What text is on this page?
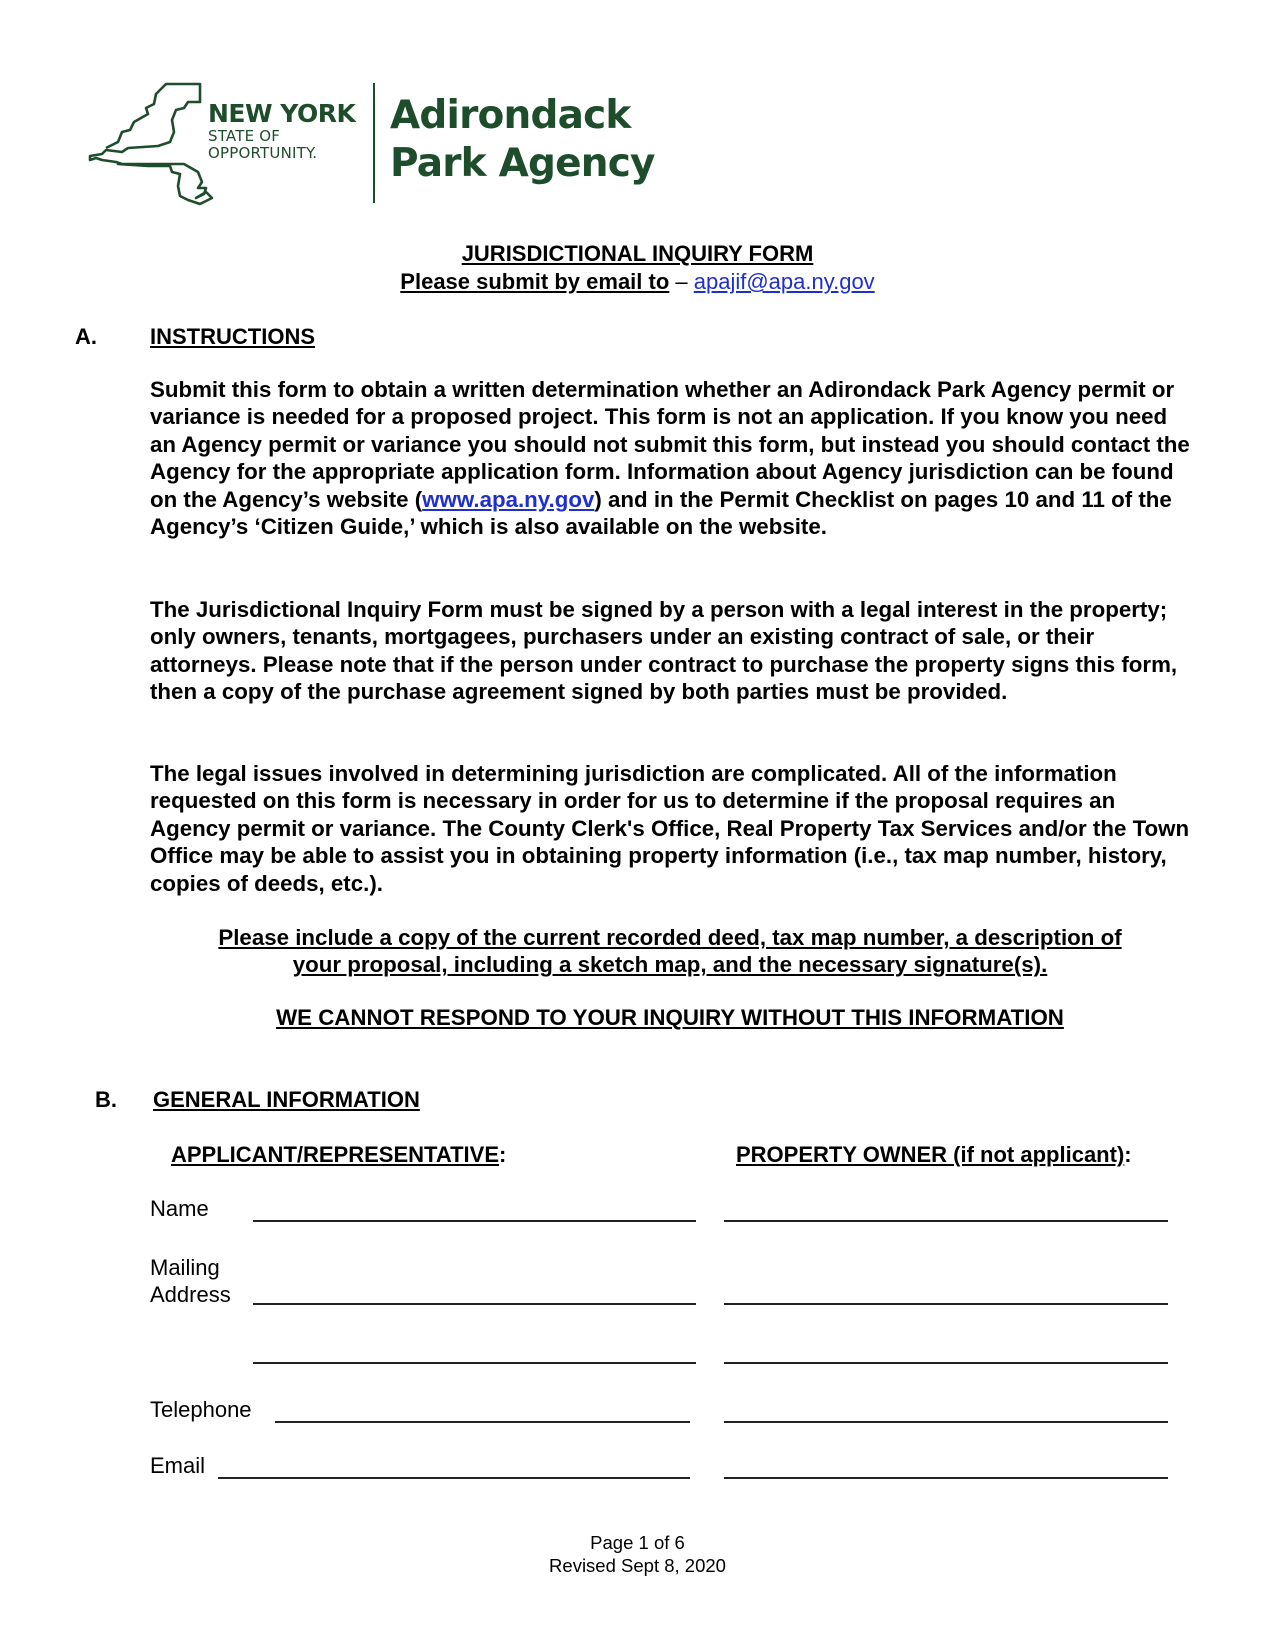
NEW YORK
STATE OF
OPPORTUNITY.
Adirondack
Park Agency
JURISDICTIONAL INQUIRY FORM
Please submit by email to – apajif@apa.ny.gov
A. INSTRUCTIONS
Submit this form to obtain a written determination whether an Adirondack Park Agency permit or variance is needed for a proposed project. This form is not an application. If you know you need an Agency permit or variance you should not submit this form, but instead you should contact the Agency for the appropriate application form. Information about Agency jurisdiction can be found on the Agency’s website (www.apa.ny.gov) and in the Permit Checklist on pages 10 and 11 of the Agency’s ‘Citizen Guide,’ which is also available on the website.
The Jurisdictional Inquiry Form must be signed by a person with a legal interest in the property; only owners, tenants, mortgagees, purchasers under an existing contract of sale, or their attorneys. Please note that if the person under contract to purchase the property signs this form, then a copy of the purchase agreement signed by both parties must be provided.
The legal issues involved in determining jurisdiction are complicated. All of the information requested on this form is necessary in order for us to determine if the proposal requires an Agency permit or variance. The County Clerk's Office, Real Property Tax Services and/or the Town Office may be able to assist you in obtaining property information (i.e., tax map number, history, copies of deeds, etc.).
Please include a copy of the current recorded deed, tax map number, a description of
your proposal, including a sketch map, and the necessary signature(s).
WE CANNOT RESPOND TO YOUR INQUIRY WITHOUT THIS INFORMATION
B. GENERAL INFORMATION
APPLICANT/REPRESENTATIVE:	PROPERTY OWNER (if not applicant):
Name
Mailing
Address
Telephone
Email
Page 1 of 6
Revised Sept 8, 2020
